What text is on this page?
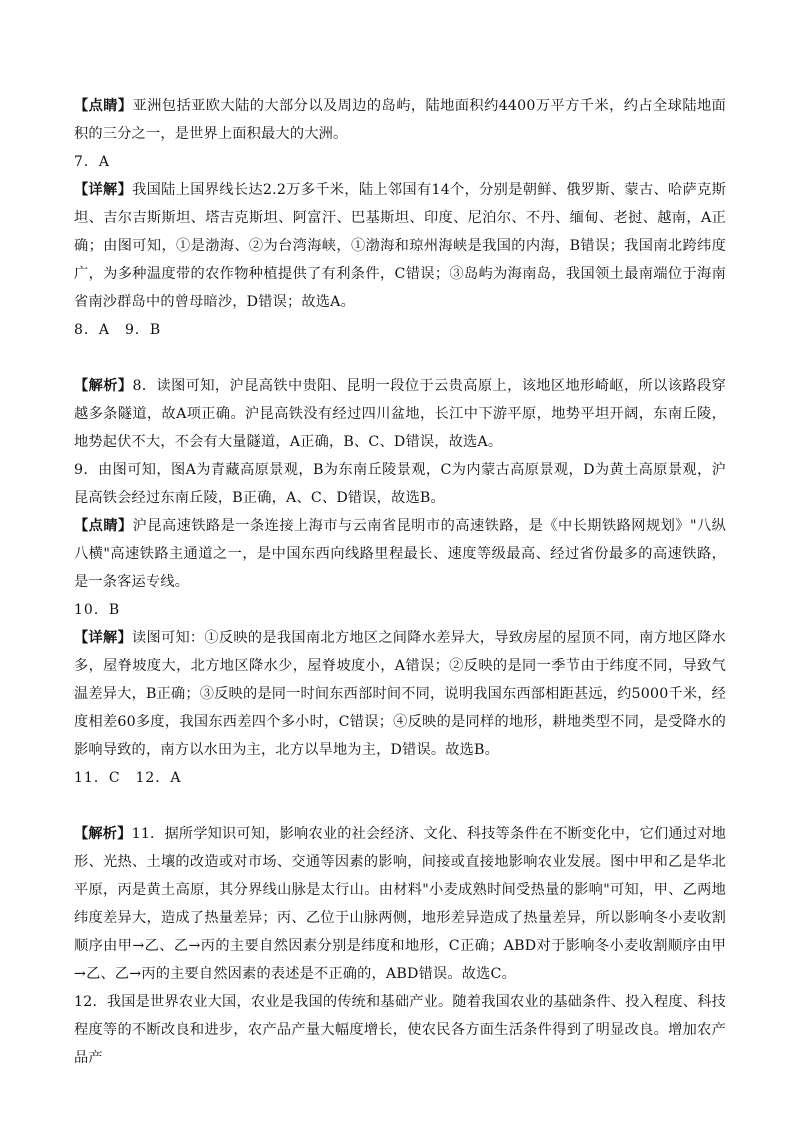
【点睛】亚洲包括亚欧大陆的大部分以及周边的岛屿，陆地面积约4400万平方千米，约占全球陆地面积的三分之一，是世界上面积最大的大洲。

7．A

【详解】我国陆上国界线长达2.2万多千米，陆上邻国有14个，分别是朝鲜、俄罗斯、蒙古、哈萨克斯坦、吉尔吉斯斯坦、塔吉克斯坦、阿富汗、巴基斯坦、印度、尼泊尔、不丹、缅甸、老挝、越南，A正确；由图可知，①是渤海、②为台湾海峡，①渤海和琼州海峡是我国的内海，B错误；我国南北跨纬度广，为多种温度带的农作物种植提供了有利条件，C错误；③岛屿为海南岛，我国领土最南端位于海南省南沙群岛中的曾母暗沙，D错误；故选A。

8．A　9．B

【解析】8．读图可知，沪昆高铁中贵阳、昆明一段位于云贵高原上，该地区地形崎岖，所以该路段穿越多条隧道，故A项正确。沪昆高铁没有经过四川盆地，长江中下游平原，地势平坦开阔，东南丘陵，地势起伏不大，不会有大量隧道，A正确，B、C、D错误，故选A。

9．由图可知，图A为青藏高原景观，B为东南丘陵景观，C为内蒙古高原景观，D为黄土高原景观，沪昆高铁会经过东南丘陵，B正确，A、C、D错误，故选B。

【点睛】沪昆高速铁路是一条连接上海市与云南省昆明市的高速铁路，是《中长期铁路网规划》"八纵八横"高速铁路主通道之一，是中国东西向线路里程最长、速度等级最高、经过省份最多的高速铁路，是一条客运专线。

10．B

【详解】读图可知：①反映的是我国南北方地区之间降水差异大，导致房屋的屋顶不同，南方地区降水多，屋脊坡度大，北方地区降水少，屋脊坡度小，A错误；②反映的是同一季节由于纬度不同，导致气温差异大，B正确；③反映的是同一时间东西部时间不同，说明我国东西部相距甚远，约5000千米，经度相差60多度，我国东西差四个多小时，C错误；④反映的是同样的地形，耕地类型不同，是受降水的影响导致的，南方以水田为主，北方以旱地为主，D错误。故选B。

11．C　12．A

【解析】11．据所学知识可知，影响农业的社会经济、文化、科技等条件在不断变化中，它们通过对地形、光热、土壤的改造或对市场、交通等因素的影响，间接或直接地影响农业发展。图中甲和乙是华北平原，丙是黄土高原，其分界线山脉是太行山。由材料"小麦成熟时间受热量的影响"可知，甲、乙两地纬度差异大，造成了热量差异；丙、乙位于山脉两侧，地形差异造成了热量差异，所以影响冬小麦收割顺序由甲→乙、乙→丙的主要自然因素分别是纬度和地形，C正确；ABD对于影响冬小麦收割顺序由甲→乙、乙→丙的主要自然因素的表述是不正确的，ABD错误。故选C。

12．我国是世界农业大国，农业是我国的传统和基础产业。随着我国农业的基础条件、投入程度、科技程度等的不断改良和进步，农产品产量大幅度增长，使农民各方面生活条件得到了明显改良。增加农产品产
